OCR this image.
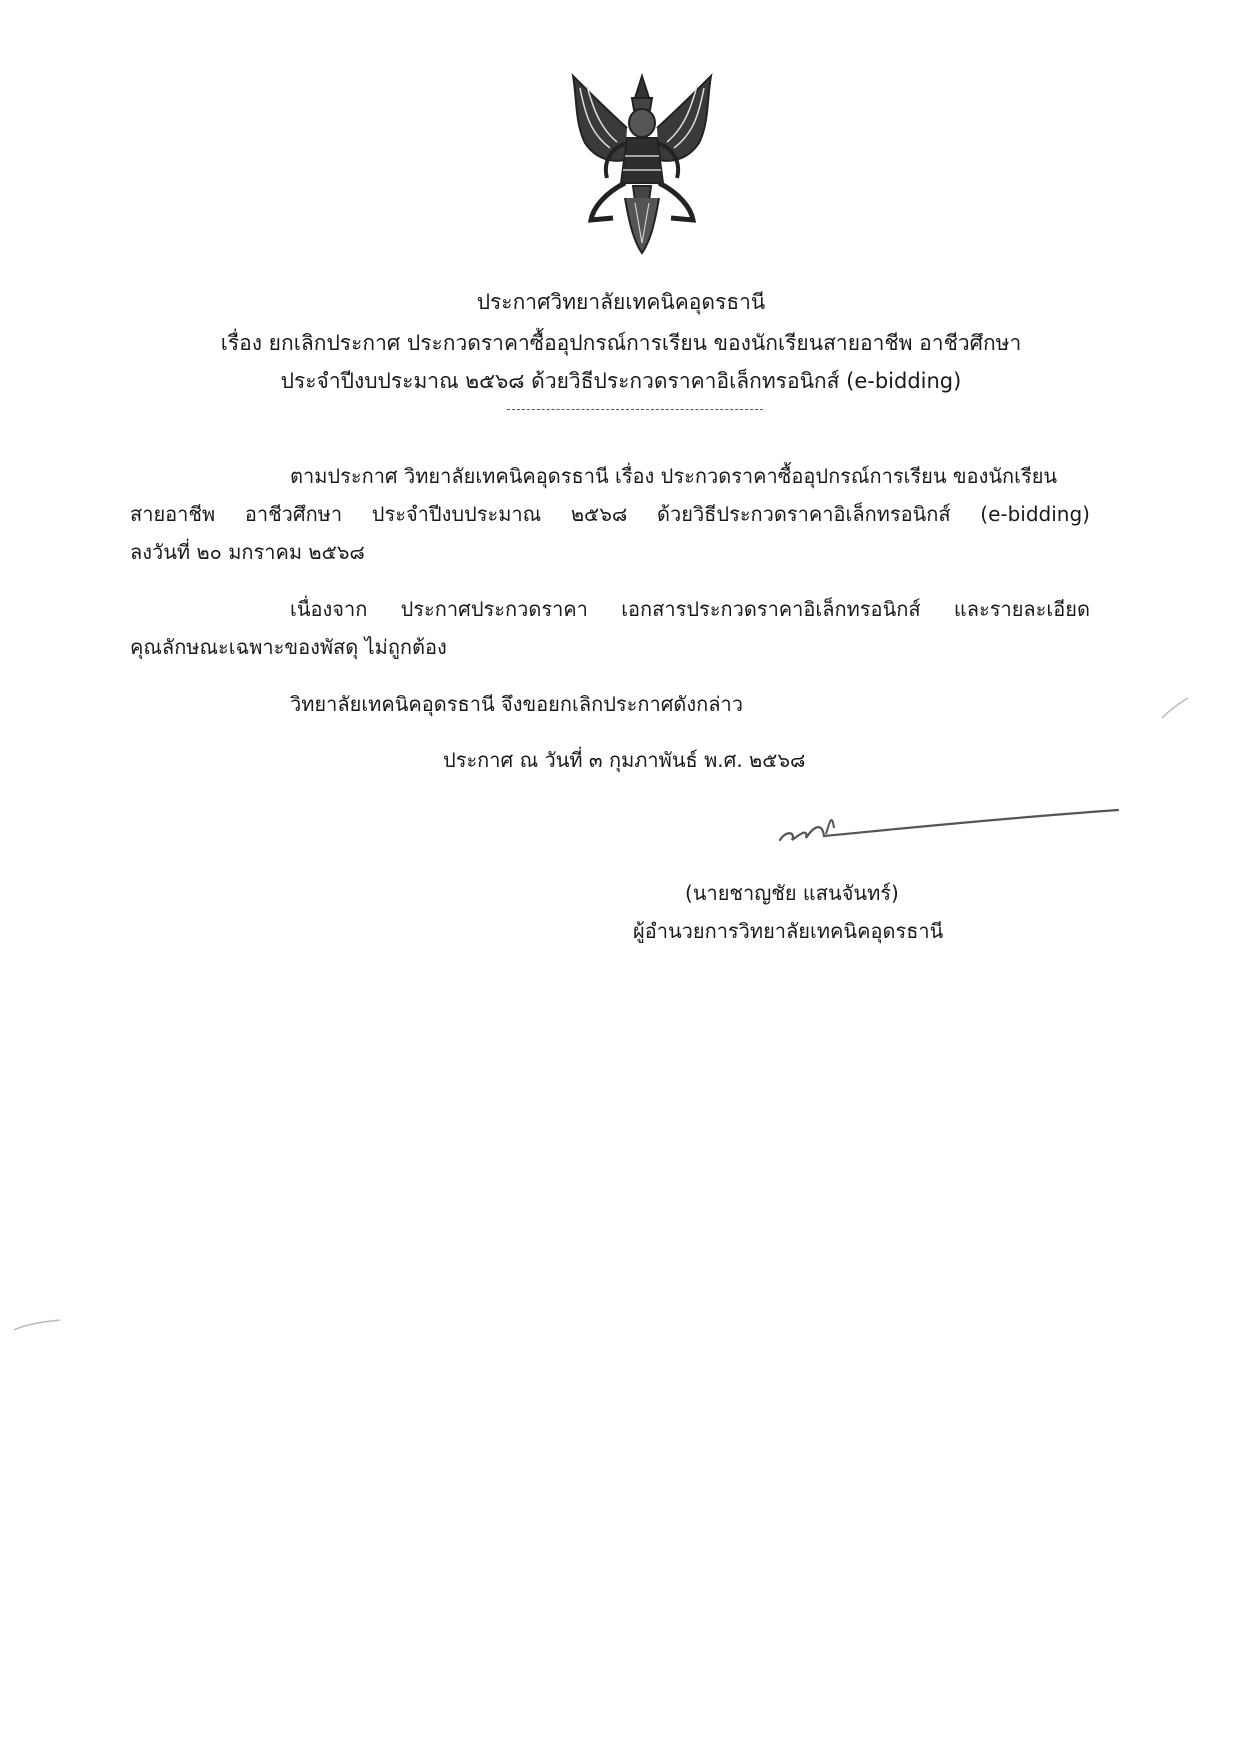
ประกาศวิทยาลัยเทคนิคอุดรธานี
เรื่อง ยกเลิกประกาศ ประกวดราคาซื้ออุปกรณ์การเรียน ของนักเรียนสายอาชีพ อาชีวศึกษา
ประจำปีงบประมาณ ๒๕๖๘ ด้วยวิธีประกวดราคาอิเล็กทรอนิกส์ (e-bidding)
ตามประกาศ วิทยาลัยเทคนิคอุดรธานี เรื่อง ประกวดราคาซื้ออุปกรณ์การเรียน ของนักเรียน
สายอาชีพ อาชีวศึกษา ประจำปีงบประมาณ ๒๕๖๘ ด้วยวิธีประกวดราคาอิเล็กทรอนิกส์ (e-bidding)
ลงวันที่ ๒๐ มกราคม ๒๕๖๘
เนื่องจาก ประกาศประกวดราคา เอกสารประกวดราคาอิเล็กทรอนิกส์ และรายละเอียด
คุณลักษณะเฉพาะของพัสดุ ไม่ถูกต้อง
วิทยาลัยเทคนิคอุดรธานี จึงขอยกเลิกประกาศดังกล่าว
ประกาศ ณ วันที่ ๓ กุมภาพันธ์ พ.ศ. ๒๕๖๘
(นายชาญชัย แสนจันทร์)
ผู้อำนวยการวิทยาลัยเทคนิคอุดรธานี
